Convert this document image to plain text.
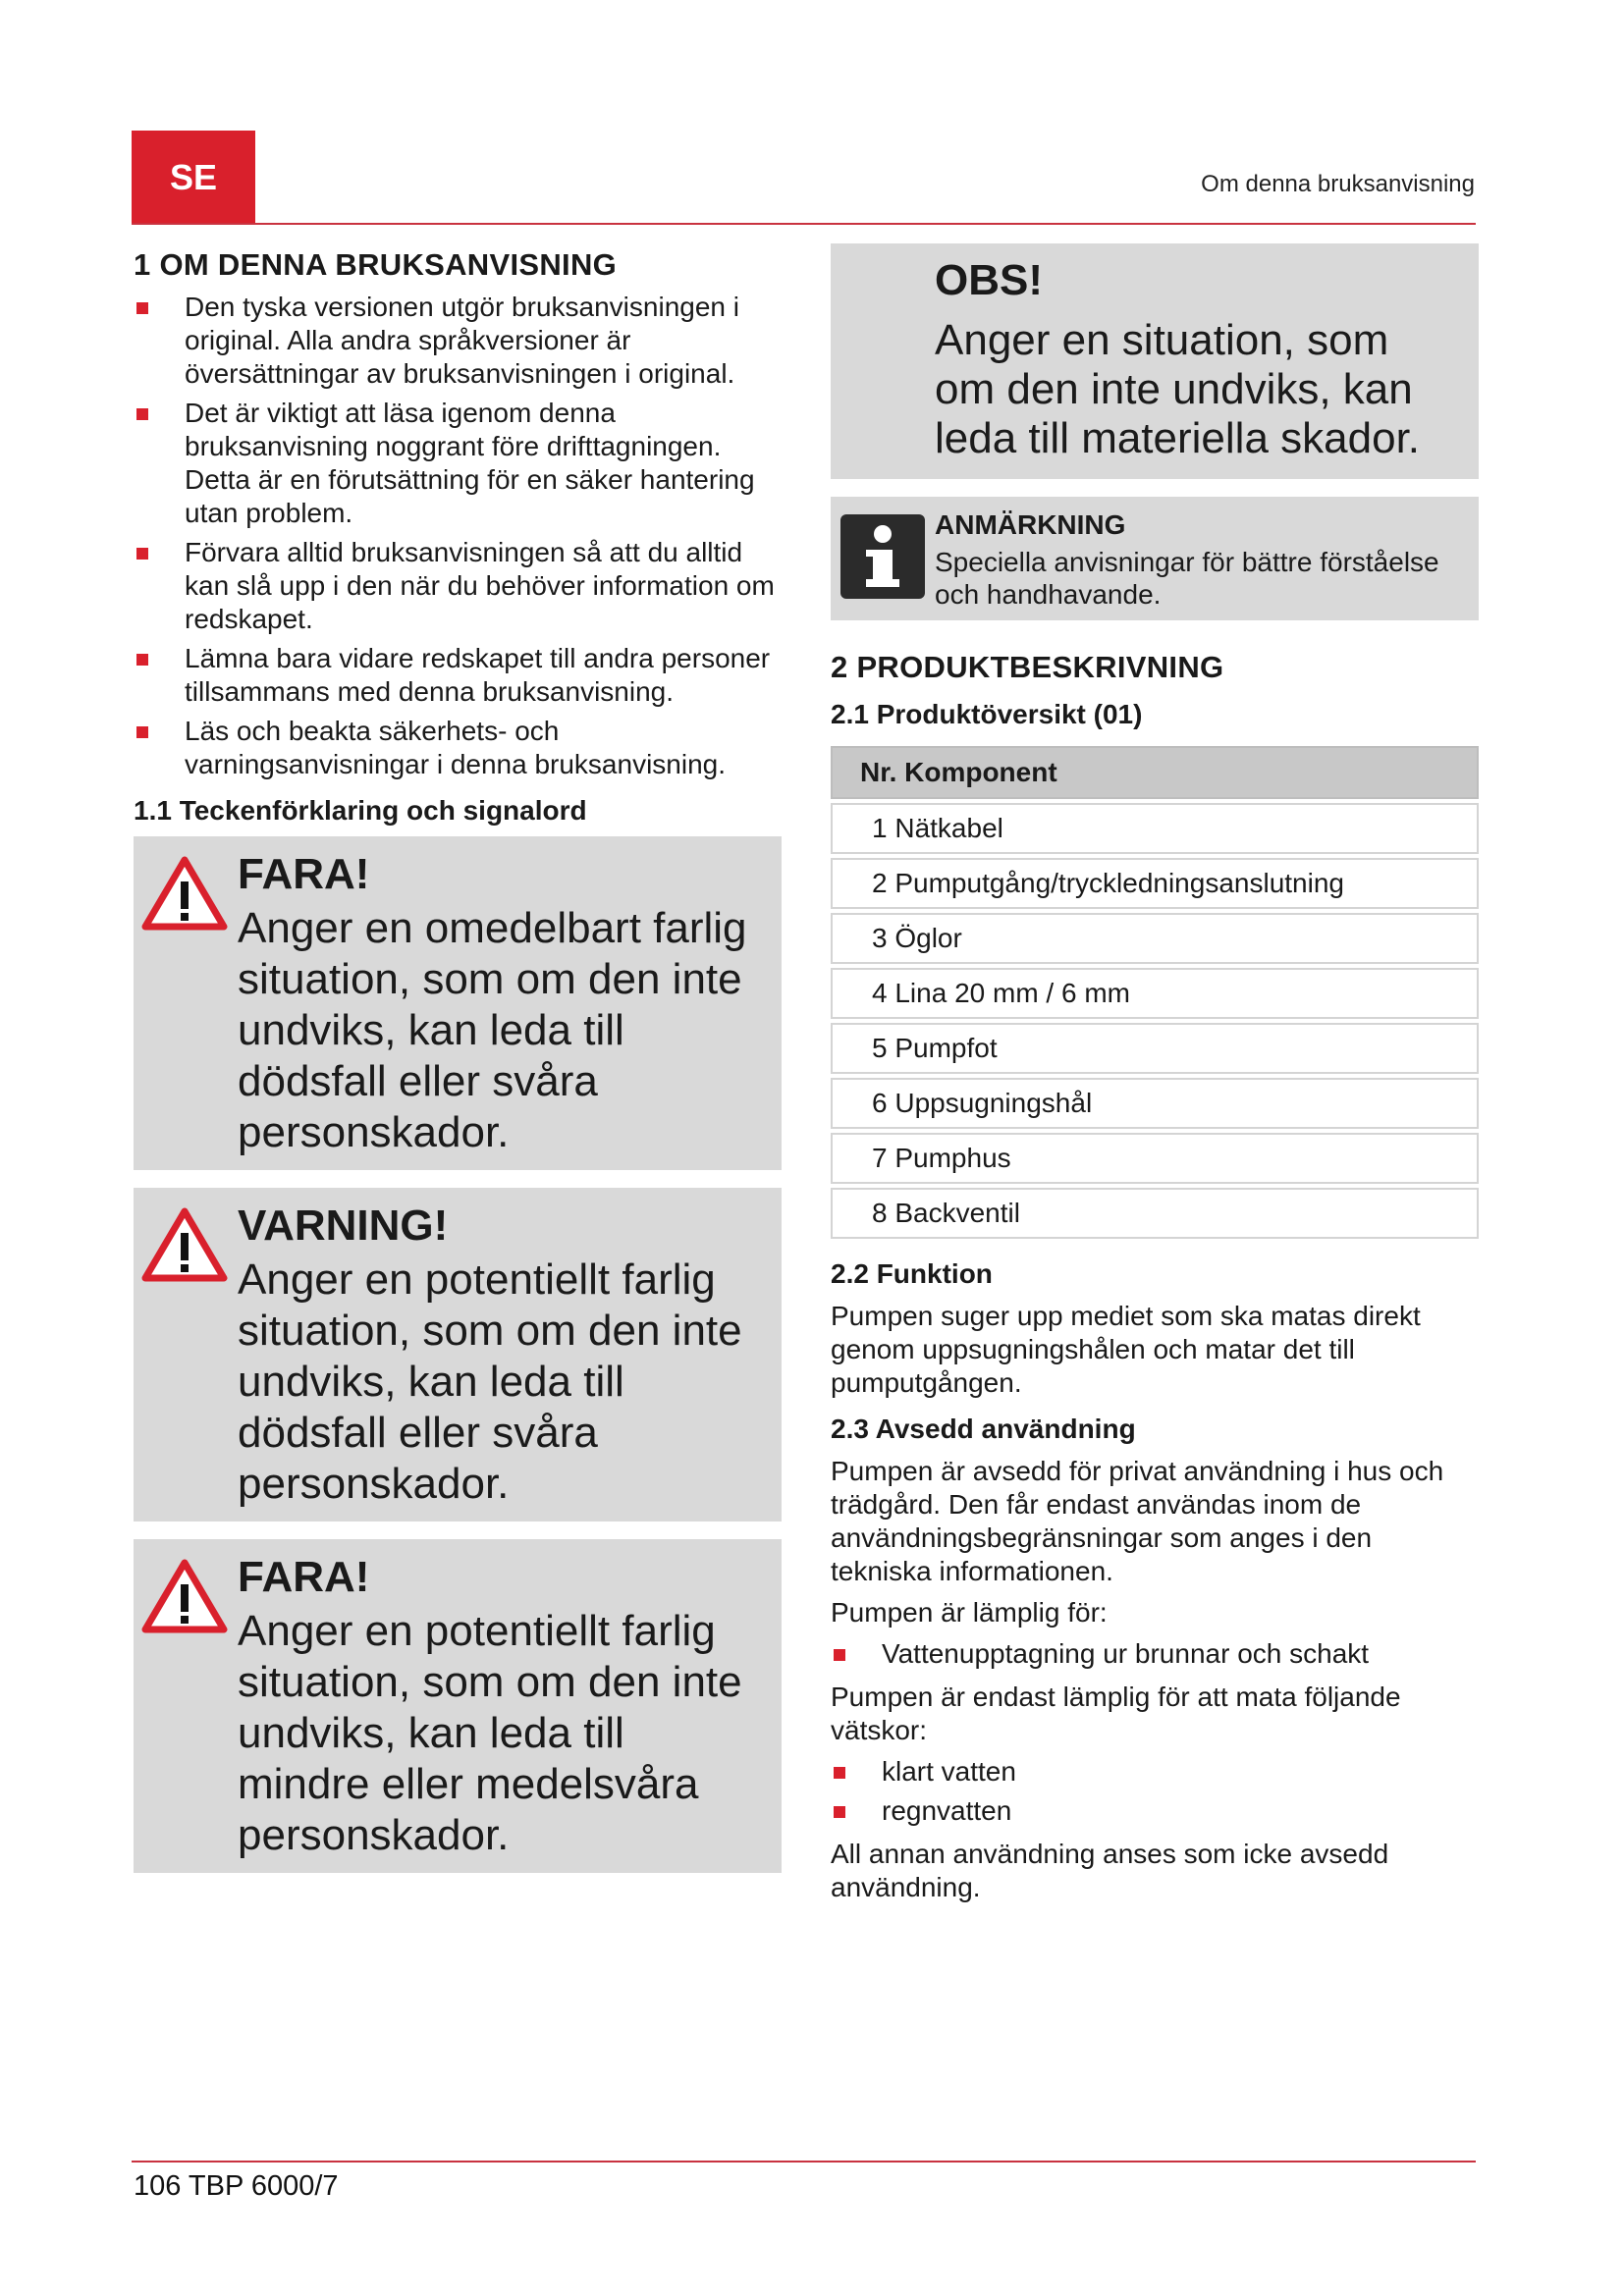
SE	Om denna bruksanvisning
1 OM DENNA BRUKSANVISNING
Den tyska versionen utgör bruksanvisningen i original. Alla andra språkversioner är översättningar av bruksanvisningen i original.
Det är viktigt att läsa igenom denna bruksanvisning noggrant före drifttagningen. Detta är en förutsättning för en säker hantering utan problem.
Förvara alltid bruksanvisningen så att du alltid kan slå upp i den när du behöver information om redskapet.
Lämna bara vidare redskapet till andra personer tillsammans med denna bruksanvisning.
Läs och beakta säkerhets- och varningsanvisningar i denna bruksanvisning.
1.1 Teckenförklaring och signalord
FARA!
Anger en omedelbart farlig situation, som om den inte undviks, kan leda till dödsfall eller svåra personskador.
VARNING!
Anger en potentiellt farlig situation, som om den inte undviks, kan leda till dödsfall eller svåra personskador.
FARA!
Anger en potentiellt farlig situation, som om den inte undviks, kan leda till mindre eller medelsvåra personskador.
OBS!
Anger en situation, som om den inte undviks, kan leda till materiella skador.
ANMÄRKNING
Speciella anvisningar för bättre förståelse och handhavande.
2 PRODUKTBESKRIVNING
2.1 Produktöversikt (01)
Nr. Komponent
1 Nätkabel
2 Pumputgång/tryckledningsanslutning
3 Öglor
4 Lina 20 mm / 6 mm
5 Pumpfot
6 Uppsugningshål
7 Pumphus
8 Backventil
2.2 Funktion

Pumpen suger upp mediet som ska matas direkt genom uppsugningshålen och matar det till pumputgången.

2.3 Avsedd användning

Pumpen är avsedd för privat användning i hus och trädgård. Den får endast användas inom de användningsbegränsningar som anges i den tekniska informationen.

Pumpen är lämplig för:

Vattenupptagning ur brunnar och schakt

Pumpen är endast lämplig för att mata följande vätskor:

klart vatten
regnvatten

All annan användning anses som icke avsedd användning.

106 TBP 6000/7
